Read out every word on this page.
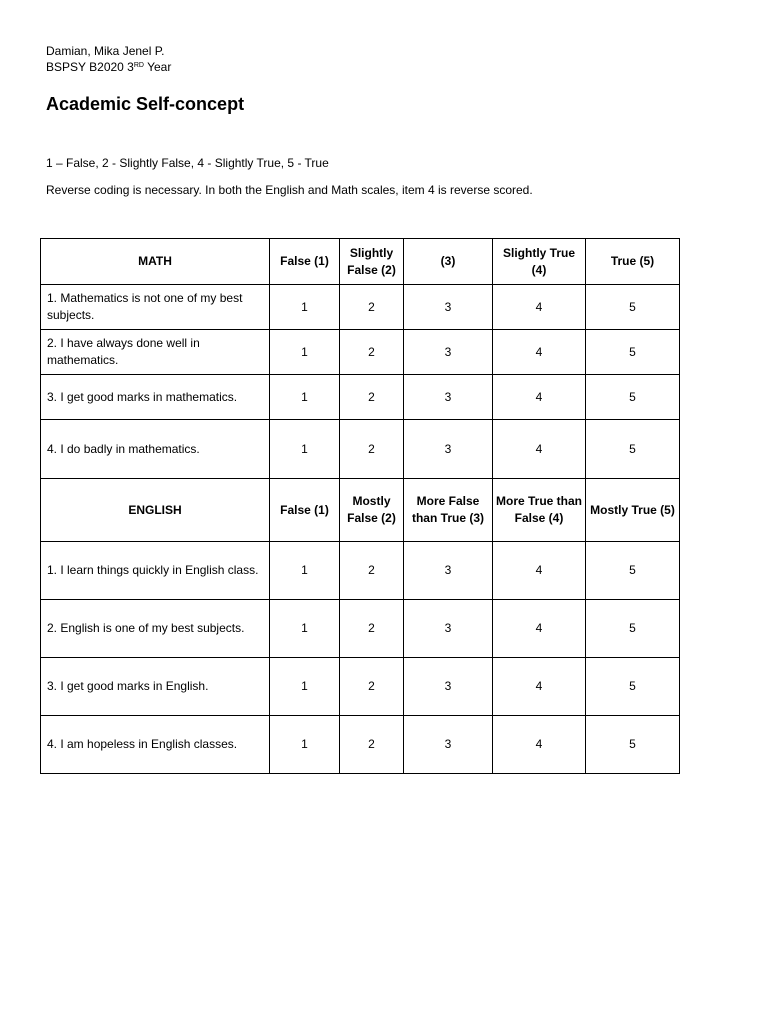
Damian, Mika Jenel P.
BSPSY B2020 3RD Year
Academic Self-concept
1 – False, 2 - Slightly False, 4 - Slightly True, 5 - True
Reverse coding is necessary. In both the English and Math scales, item 4 is reverse scored.
MATH	False (1)	Slightly False (2)	(3)	Slightly True (4)	True (5)
1. Mathematics is not one of my best subjects.	1	2	3	4	5
2. I have always done well in mathematics.	1	2	3	4	5
3. I get good marks in mathematics.	1	2	3	4	5
4. I do badly in mathematics.	1	2	3	4	5
ENGLISH	False (1)	Mostly False (2)	More False than True (3)	More True than False (4)	Mostly True (5)
1. I learn things quickly in English class.	1	2	3	4	5
2. English is one of my best subjects.	1	2	3	4	5
3. I get good marks in English.	1	2	3	4	5
4. I am hopeless in English classes.	1	2	3	4	5
